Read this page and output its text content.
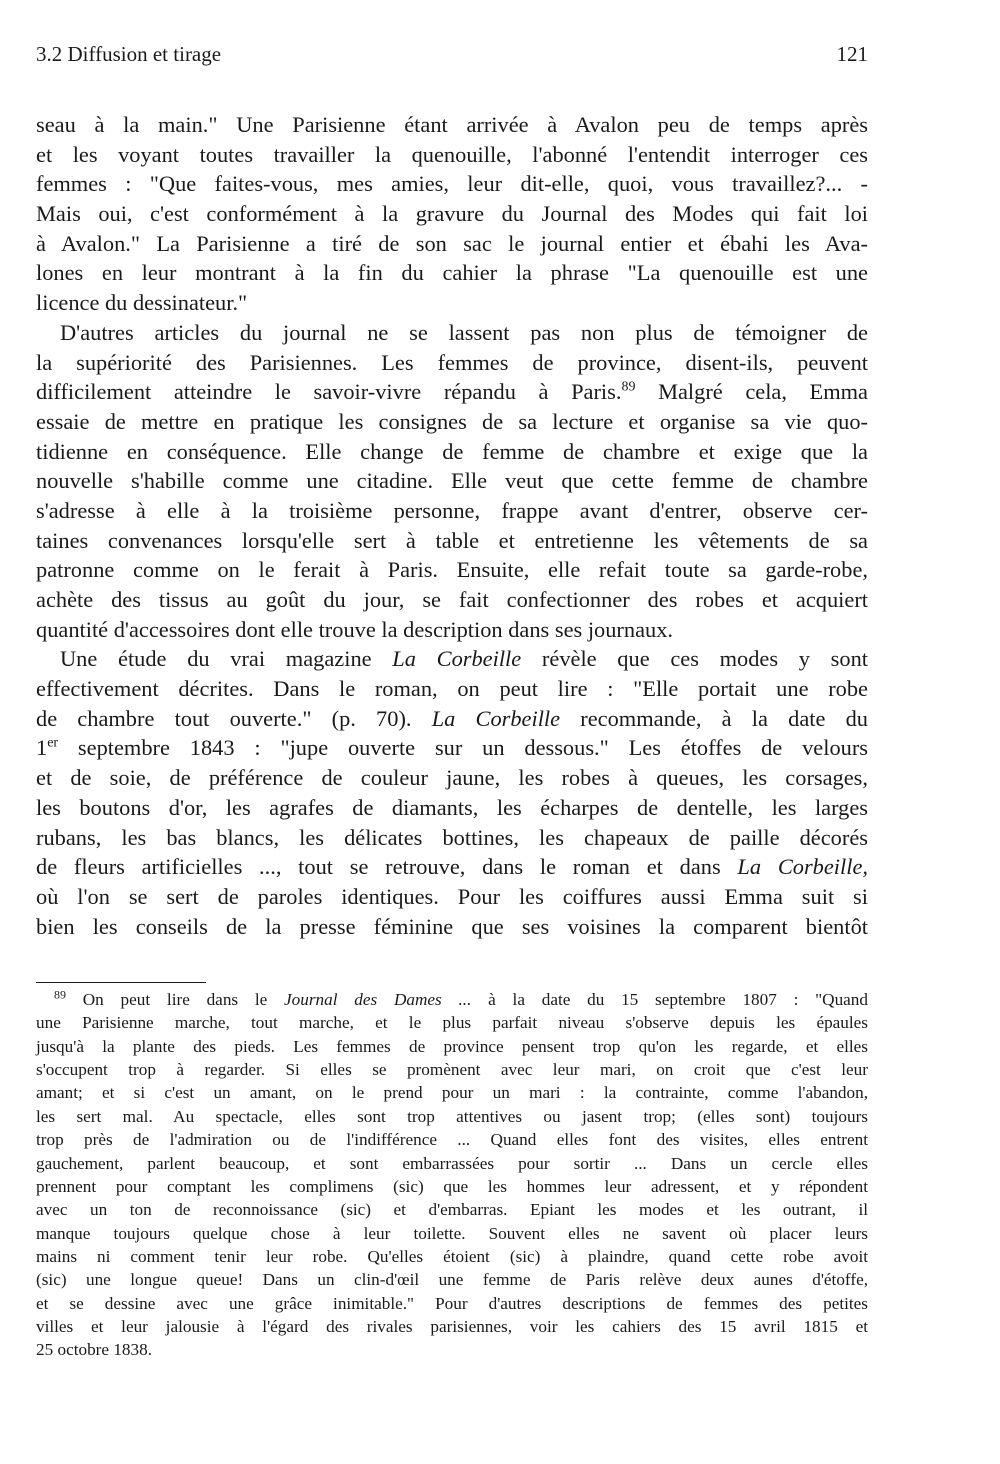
3.2 Diffusion et tirage	121
seau à la main." Une Parisienne étant arrivée à Avalon peu de temps après
et les voyant toutes travailler la quenouille, l'abonné l'entendit interroger ces
femmes : "Que faites-vous, mes amies, leur dit-elle, quoi, vous travaillez?... -
Mais oui, c'est conformément à la gravure du Journal des Modes qui fait loi
à Avalon." La Parisienne a tiré de son sac le journal entier et ébahi les Ava-
lones en leur montrant à la fin du cahier la phrase "La quenouille est une
licence du dessinateur."
D'autres articles du journal ne se lassent pas non plus de témoigner de
la supériorité des Parisiennes. Les femmes de province, disent-ils, peuvent
difficilement atteindre le savoir-vivre répandu à Paris.$^{89}$ Malgré cela, Emma
essaie de mettre en pratique les consignes de sa lecture et organise sa vie quo-
tidienne en conséquence. Elle change de femme de chambre et exige que la
nouvelle s'habille comme une citadine. Elle veut que cette femme de chambre
s'adresse à elle à la troisième personne, frappe avant d'entrer, observe cer-
taines convenances lorsqu'elle sert à table et entretienne les vêtements de sa
patronne comme on le ferait à Paris. Ensuite, elle refait toute sa garde-robe,
achète des tissus au goût du jour, se fait confectionner des robes et acquiert
quantité d'accessoires dont elle trouve la description dans ses journaux.
Une étude du vrai magazine La Corbeille révèle que ces modes y sont
effectivement décrites. Dans le roman, on peut lire : "Elle portait une robe
de chambre tout ouverte." (p. 70). La Corbeille recommande, à la date du
1er septembre 1843 : "jupe ouverte sur un dessous." Les étoffes de velours
et de soie, de préférence de couleur jaune, les robes à queues, les corsages,
les boutons d'or, les agrafes de diamants, les écharpes de dentelle, les larges
rubans, les bas blancs, les délicates bottines, les chapeaux de paille décorés
de fleurs artificielles ..., tout se retrouve, dans le roman et dans La Corbeille,
où l'on se sert de paroles identiques. Pour les coiffures aussi Emma suit si
bien les conseils de la presse féminine que ses voisines la comparent bientôt
$^{89}$ On peut lire dans le Journal des Dames ... à la date du 15 septembre 1807 : "Quand
une Parisienne marche, tout marche, et le plus parfait niveau s'observe depuis les épaules
jusqu'à la plante des pieds. Les femmes de province pensent trop qu'on les regarde, et elles
s'occupent trop à regarder. Si elles se promènent avec leur mari, on croit que c'est leur
amant; et si c'est un amant, on le prend pour un mari : la contrainte, comme l'abandon,
les sert mal. Au spectacle, elles sont trop attentives ou jasent trop; (elles sont) toujours
trop près de l'admiration ou de l'indifférence ... Quand elles font des visites, elles entrent
gauchement, parlent beaucoup, et sont embarrassées pour sortir ... Dans un cercle elles
prennent pour comptant les complimens (sic) que les hommes leur adressent, et y répondent
avec un ton de reconnoissance (sic) et d'embarras. Epiant les modes et les outrant, il
manque toujours quelque chose à leur toilette. Souvent elles ne savent où placer leurs
mains ni comment tenir leur robe. Qu'elles étoient (sic) à plaindre, quand cette robe avoit
(sic) une longue queue! Dans un clin-d'œil une femme de Paris relève deux aunes d'étoffe,
et se dessine avec une grâce inimitable." Pour d'autres descriptions de femmes des petites
villes et leur jalousie à l'égard des rivales parisiennes, voir les cahiers des 15 avril 1815 et
25 octobre 1838.
